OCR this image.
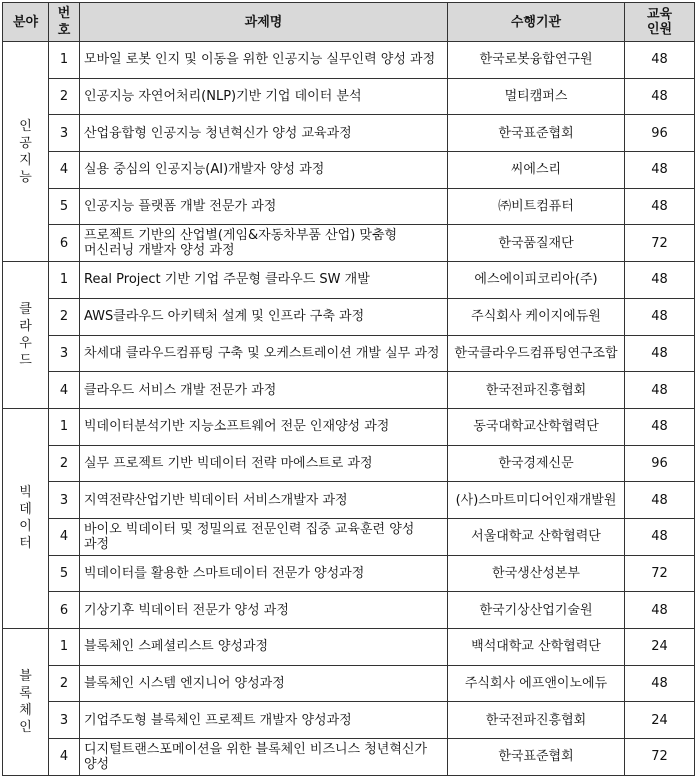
분야	번호	과제명	수행기관	교육인원
인공지능	1	모바일 로봇 인지 및 이동을 위한 인공지능 실무인력 양성 과정	한국로봇융합연구원	48
	2	인공지능 자연어처리(NLP)기반 기업 데이터 분석	멀티캠퍼스	48
	3	산업융합형 인공지능 청년혁신가 양성 교육과정	한국표준협회	96
	4	실용 중심의 인공지능(AI)개발자 양성 과정	씨에스리	48
	5	인공지능 플랫폼 개발 전문가 과정	㈜비트컴퓨터	48
	6	프로젝트 기반의 산업별(게임&자동차부품 산업) 맞춤형 머신러닝 개발자 양성 과정	한국품질재단	72
클라우드	1	Real Project 기반 기업 주문형 클라우드 SW 개발	에스에이피코리아(주)	48
	2	AWS클라우드 아키텍처 설계 및 인프라 구축 과정	주식회사 케이지에듀원	48
	3	차세대 클라우드컴퓨팅 구축 및 오케스트레이션 개발 실무 과정	한국클라우드컴퓨팅연구조합	48
	4	클라우드 서비스 개발 전문가 과정	한국전파진흥협회	48
빅데이터	1	빅데이터분석기반 지능소프트웨어 전문 인재양성 과정	동국대학교산학협력단	48
	2	실무 프로젝트 기반 빅데이터 전략 마에스트로 과정	한국경제신문	96
	3	지역전략산업기반 빅데이터 서비스개발자 과정	(사)스마트미디어인재개발원	48
	4	바이오 빅데이터 및 정밀의료 전문인력 집중 교육훈련 양성 과정	서울대학교 산학협력단	48
	5	빅데이터를 활용한 스마트데이터 전문가 양성과정	한국생산성본부	72
	6	기상기후 빅데이터 전문가 양성 과정	한국기상산업기술원	48
블록체인	1	블록체인 스페셜리스트 양성과정	백석대학교 산학협력단	24
	2	블록체인 시스템 엔지니어 양성과정	주식회사 에프앤이노에듀	48
	3	기업주도형 블록체인 프로젝트 개발자 양성과정	한국전파진흥협회	24
	4	디지털트랜스포메이션을 위한 블록체인 비즈니스 청년혁신가 양성	한국표준협회	72
